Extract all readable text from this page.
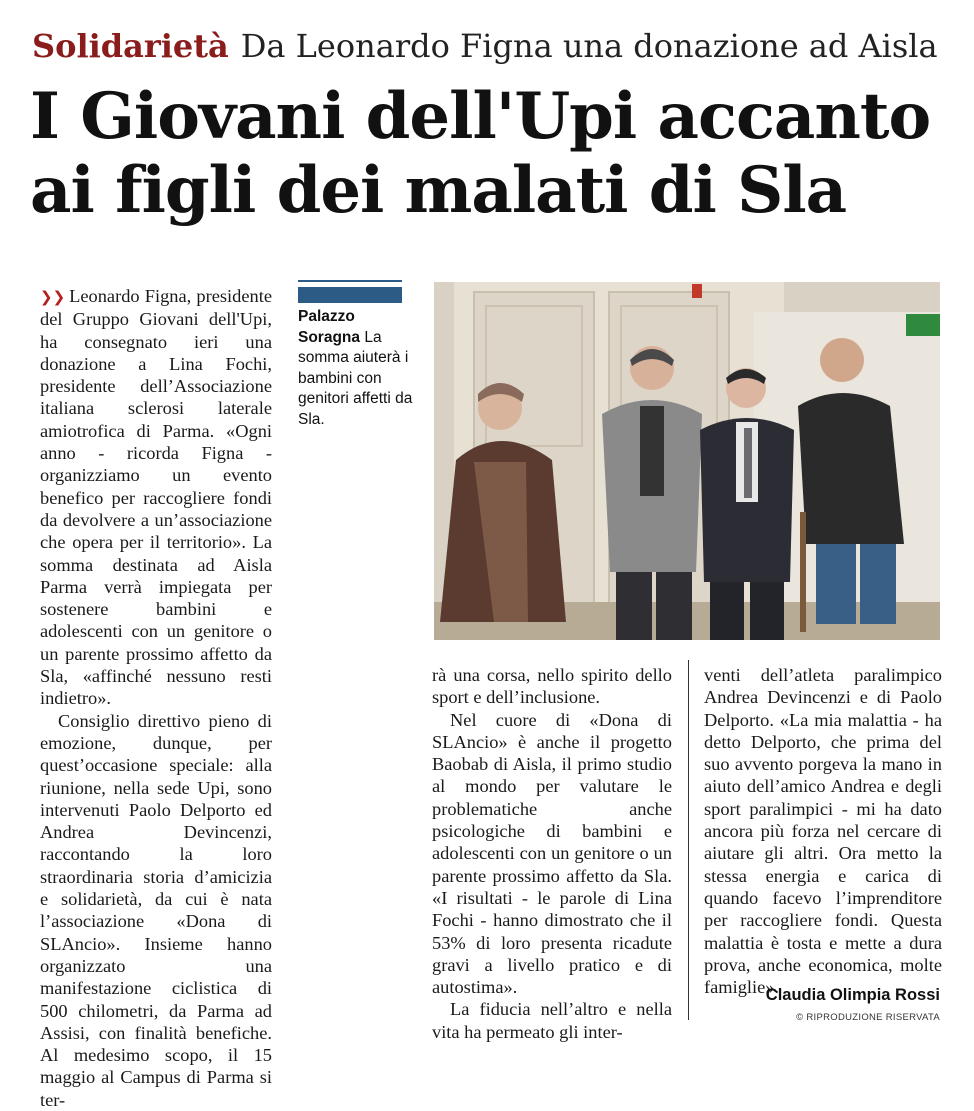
Solidarietà Da Leonardo Figna una donazione ad Aisla
I Giovani dell'Upi accanto
ai figli dei malati di Sla

❯❯ Leonardo Figna, presidente del Gruppo Giovani dell'Upi, ha consegnato ieri una donazione a Lina Fochi, presidente dell’Associazione italiana sclerosi laterale amiotrofica di Parma. «Ogni anno - ricorda Figna - organizziamo un evento benefico per raccogliere fondi da devolvere a un’associazione che opera per il territorio». La somma destinata ad Aisla Parma verrà impiegata per sostenere bambini e adolescenti con un genitore o un parente prossimo affetto da Sla, «affinché nessuno resti indietro».

Consiglio direttivo pieno di emozione, dunque, per quest’occasione speciale: alla riunione, nella sede Upi, sono intervenuti Paolo Delporto ed Andrea Devincenzi, raccontando la loro straordinaria storia d’amicizia e solidarietà, da cui è nata l’associazione «Dona di SLAncio». Insieme hanno organizzato una manifestazione ciclistica di 500 chilometri, da Parma ad Assisi, con finalità benefiche. Al medesimo scopo, il 15 maggio al Campus di Parma si ter-

Palazzo Soragna La somma aiuterà i bambini con genitori affetti da Sla.

rà una corsa, nello spirito dello sport e dell’inclusione.

Nel cuore di «Dona di SLAncio» è anche il progetto Baobab di Aisla, il primo studio al mondo per valutare le problematiche anche psicologiche di bambini e adolescenti con un genitore o un parente prossimo affetto da Sla. «I risultati - le parole di Lina Fochi - hanno dimostrato che il 53% di loro presenta ricadute gravi a livello pratico e di autostima».

La fiducia nell’altro e nella vita ha permeato gli inter-

venti dell’atleta paralimpico Andrea Devincenzi e di Paolo Delporto. «La mia malattia - ha detto Delporto, che prima del suo avvento porgeva la mano in aiuto dell’amico Andrea e degli sport paralimpici - mi ha dato ancora più forza nel cercare di aiutare gli altri. Ora metto la stessa energia e carica di quando facevo l’imprenditore per raccogliere fondi. Questa malattia è tosta e mette a dura prova, anche economica, molte famiglie».

Claudia Olimpia Rossi
© RIPRODUZIONE RISERVATA
